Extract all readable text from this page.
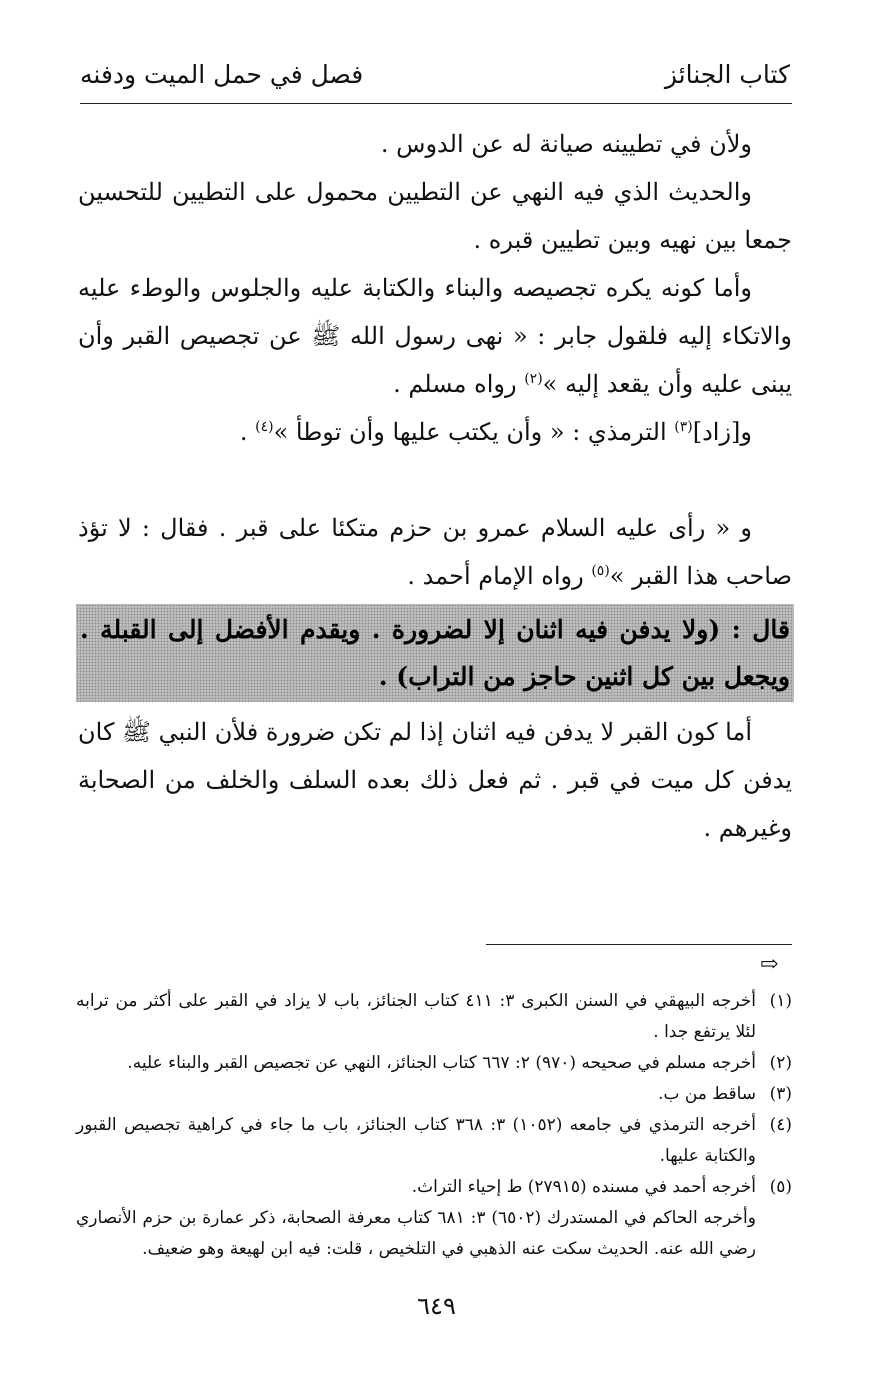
كتاب الجنائز
فصل في حمل الميت ودفنه

ولأن في تطيينه صيانة له عن الدوس .

والحديث الذي فيه النهي عن التطيين محمول على التطيين للتحسين جمعا بين نهيه وبين تطيين قبره .

وأما كونه يكره تجصيصه والبناء والكتابة عليه والجلوس والوطء عليه والاتكاء إليه فلقول جابر : « نهى رسول الله ﷺ عن تجصيص القبر وأن يبنى عليه وأن يقعد إليه »$^{(٢)}$ رواه مسلم .

و[زاد]$^{(٣)}$ الترمذي : « وأن يكتب عليها وأن توطأ »$^{(٤)}$ .

و « رأى عليه السلام عمرو بن حزم متكئا على قبر . فقال : لا تؤذ صاحب هذا القبر »$^{(٥)}$ رواه الإمام أحمد .

قال : (ولا يدفن فيه اثنان إلا لضرورة . ويقدم الأفضل إلى القبلة . ويجعل بين كل اثنين حاجز من التراب) .

أما كون القبر لا يدفن فيه اثنان إذا لم تكن ضرورة فلأن النبي ﷺ كان يدفن كل ميت في قبر . ثم فعل ذلك بعده السلف والخلف من الصحابة وغيرهم .

⇨

(١)
أخرجه البيهقي في السنن الكبرى ٣: ٤١١ كتاب الجنائز، باب لا يزاد في القبر على أكثر من ترابه لئلا يرتفع جدا .

(٢)
أخرجه مسلم في صحيحه (٩٧٠) ٢: ٦٦٧ كتاب الجنائز، النهي عن تجصيص القبر والبناء عليه.

(٣)
ساقط من ب.

(٤)
أخرجه الترمذي في جامعه (١٠٥٢) ٣: ٣٦٨ كتاب الجنائز، باب ما جاء في كراهية تجصيص القبور والكتابة عليها.

(٥)
أخرجه أحمد في مسنده (٢٧٩١٥) ط إحياء التراث.

وأخرجه الحاكم في المستدرك (٦٥٠٢) ٣: ٦٨١ كتاب معرفة الصحابة، ذكر عمارة بن حزم الأنصاري رضي الله عنه. الحديث سكت عنه الذهبي في التلخيص ، قلت: فيه ابن لهيعة وهو ضعيف.

٦٤٩
